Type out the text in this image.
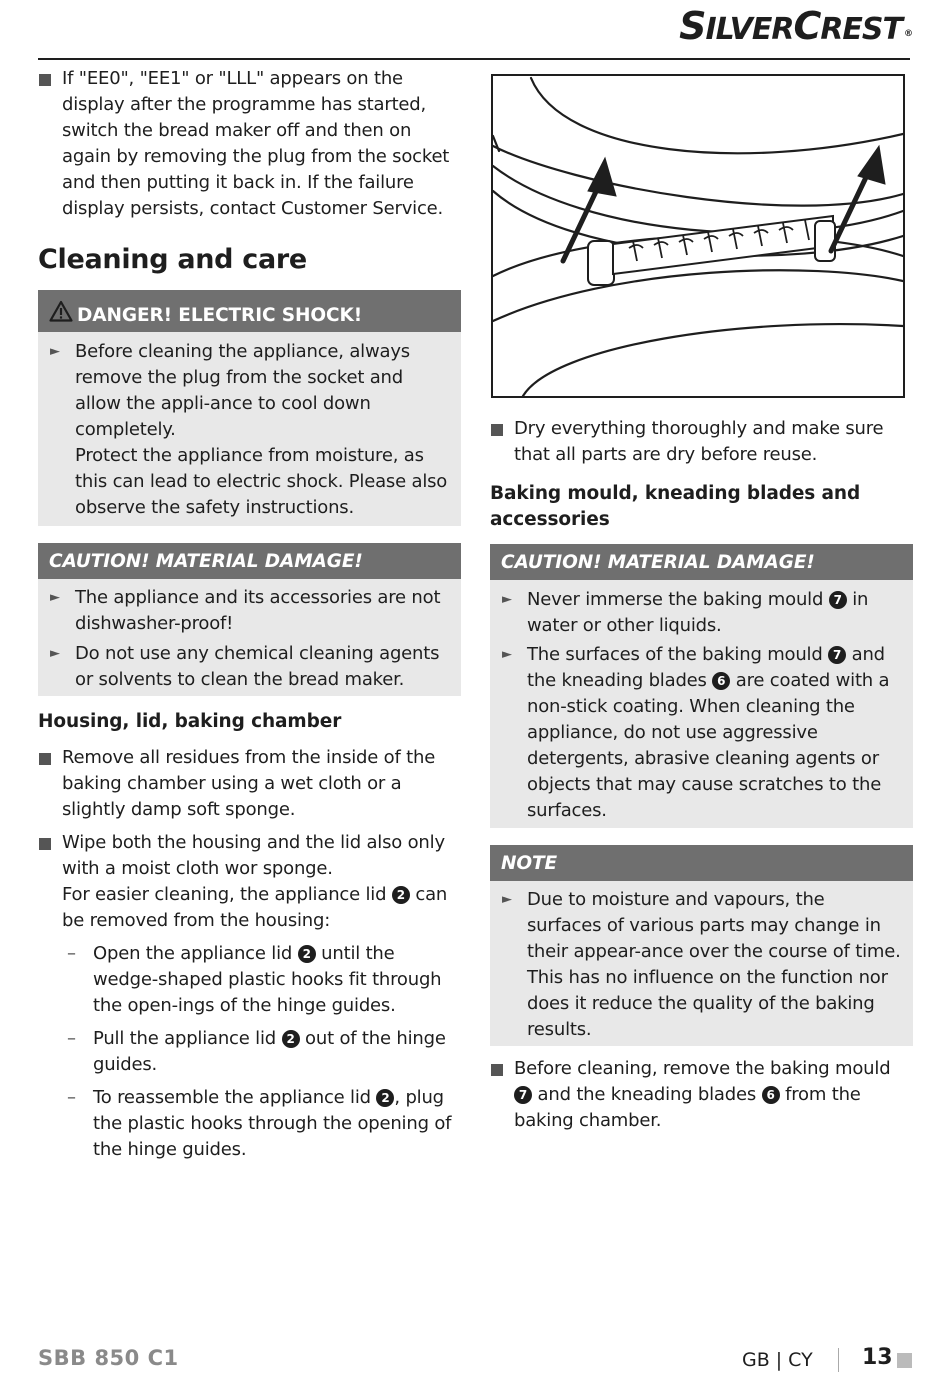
SILVERCREST ®

If "EE0", "EE1" or "LLL" appears on the display after the programme has started, switch the bread maker off and then on again by removing the plug from the socket and then putting it back in. If the failure display persists, contact Customer Service.

Cleaning and care
DANGER! ELECTRIC SHOCK!
► Before cleaning the appliance, always remove the plug from the socket and allow the appli-ance to cool down completely.
Protect the appliance from moisture, as this can lead to electric shock. Please also observe the safety instructions.
CAUTION! MATERIAL DAMAGE!
► The appliance and its accessories are not dishwasher-proof!
► Do not use any chemical cleaning agents or solvents to clean the bread maker.
Housing, lid, baking chamber

Remove all residues from the inside of the baking chamber using a wet cloth or a slightly damp soft sponge.

Wipe both the housing and the lid also only with a moist cloth wor sponge.
For easier cleaning, the appliance lid 2 can be removed from the housing:
– Open the appliance lid 2 until the wedge-shaped plastic hooks fit through the open-ings of the hinge guides.
– Pull the appliance lid 2 out of the hinge guides.
– To reassemble the appliance lid 2 , plug the plastic hooks through the opening of the hinge guides.

Dry everything thoroughly and make sure that all parts are dry before reuse.

Baking mould, kneading blades and accessories
CAUTION! MATERIAL DAMAGE!
► Never immerse the baking mould 7 in water or other liquids.
► The surfaces of the baking mould 7 and the kneading blades 6 are coated with a non-stick coating. When cleaning the appliance, do not use aggressive detergents, abrasive cleaning agents or objects that may cause scratches to the surfaces.
NOTE
► Due to moisture and vapours, the surfaces of various parts may change in their appear-ance over the course of time. This has no influence on the function nor does it reduce the quality of the baking results.
Before cleaning, remove the baking mould 7 and the kneading blades 6 from the baking chamber.
SBB 850 C1	GB | CY 13
